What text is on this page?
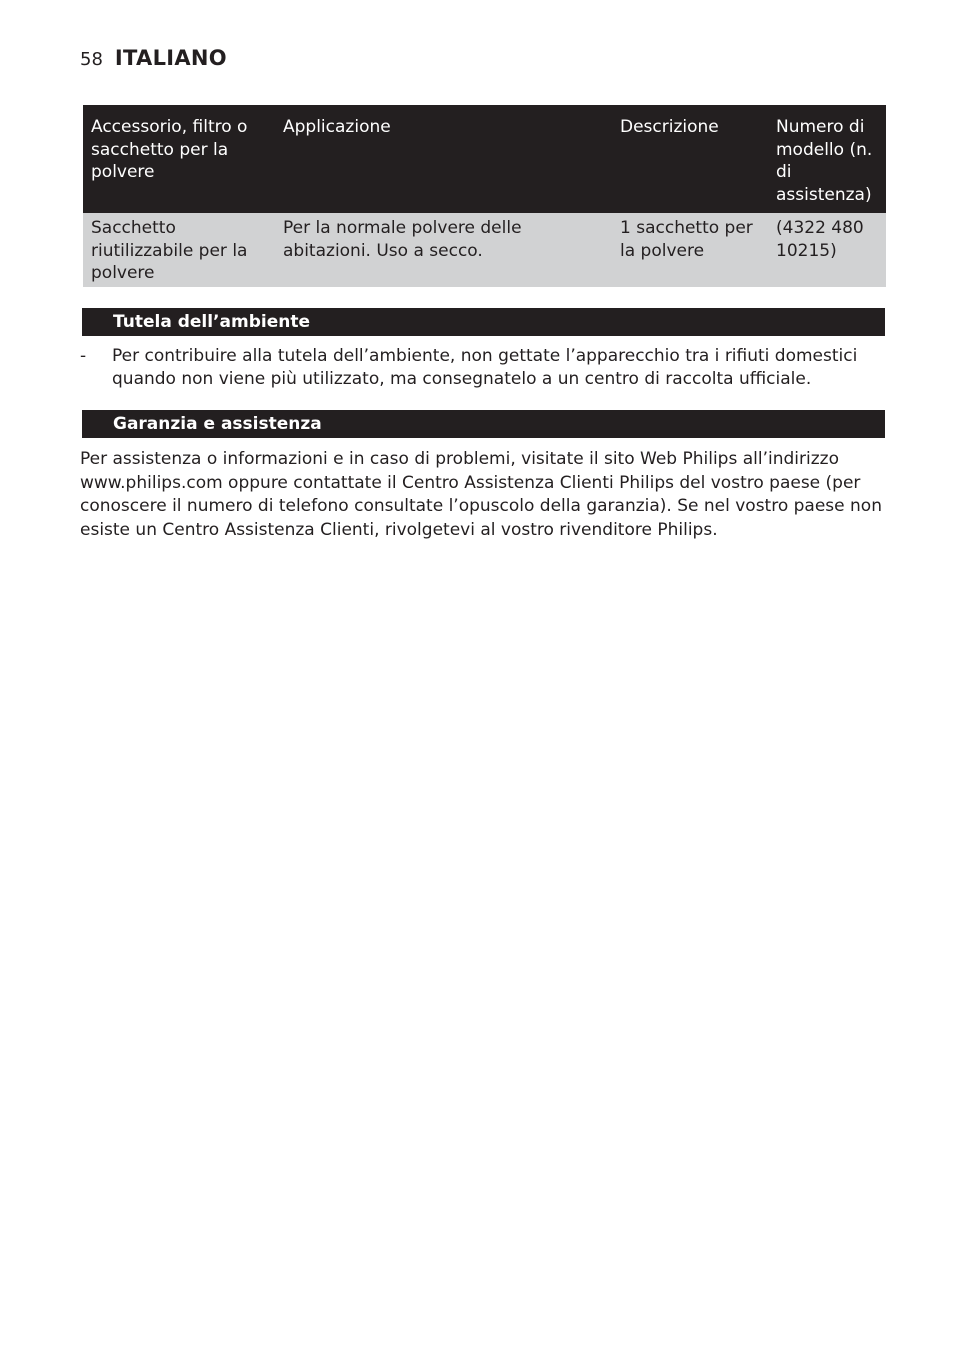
58 ITALIANO
Accessorio, filtro o sacchetto per la polvere	Applicazione	Descrizione	Numero di modello (n. di assistenza)
Sacchetto riutilizzabile per la polvere	Per la normale polvere delle abitazioni. Uso a secco.	1 sacchetto per la polvere	(4322 480 10215)
Tutela dell’ambiente
- Per contribuire alla tutela dell’ambiente, non gettate l’apparecchio tra i rifiuti domestici quando non viene più utilizzato, ma consegnatelo a un centro di raccolta ufficiale.
Garanzia e assistenza

Per assistenza o informazioni e in caso di problemi, visitate il sito Web Philips all’indirizzo www.philips.com oppure contattate il Centro Assistenza Clienti Philips del vostro paese (per conoscere il numero di telefono consultate l’opuscolo della garanzia). Se nel vostro paese non esiste un Centro Assistenza Clienti, rivolgetevi al vostro rivenditore Philips.
